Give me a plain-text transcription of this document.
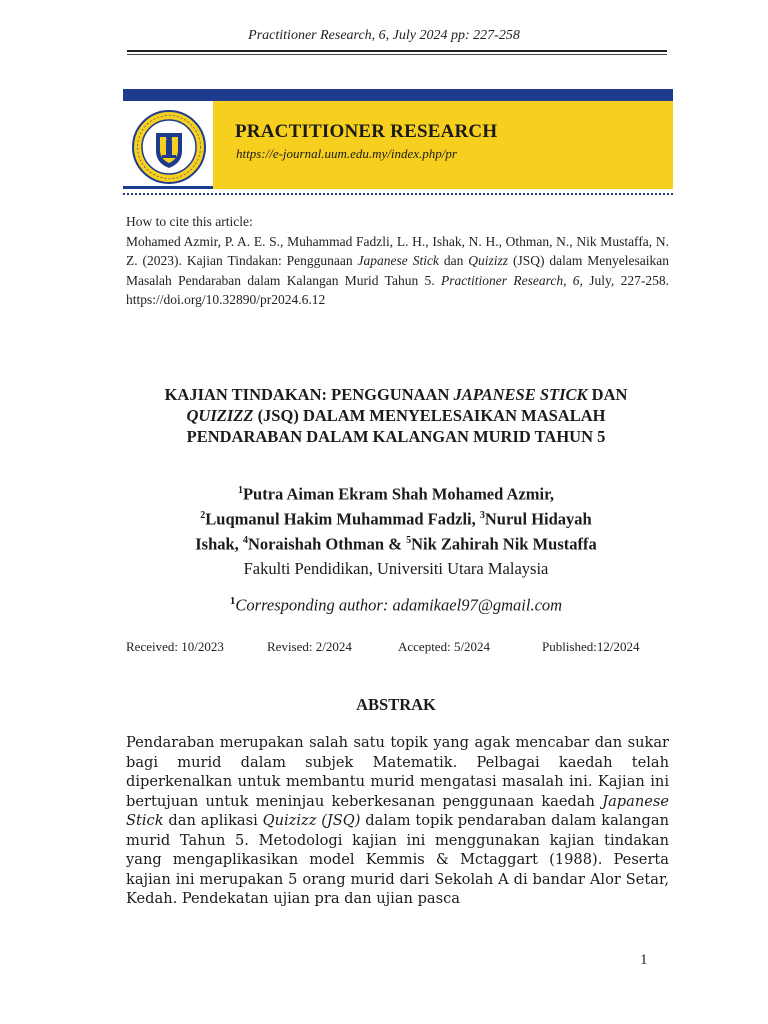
Practitioner Research, 6, July 2024 pp: 227-258
PRACTITIONER RESEARCH
https://e-journal.uum.edu.my/index.php/pr
How to cite this article:
Mohamed Azmir, P. A. E. S., Muhammad Fadzli, L. H., Ishak, N. H., Othman, N., Nik Mustaffa, N. Z. (2023). Kajian Tindakan: Penggunaan Japanese Stick dan Quizizz (JSQ) dalam Menyelesaikan Masalah Pendaraban dalam Kalangan Murid Tahun 5. Practitioner Research, 6, July, 227-258. https://doi.org/10.32890/pr2024.6.12
KAJIAN TINDAKAN: PENGGUNAAN JAPANESE STICK DAN QUIZIZZ (JSQ) DALAM MENYELESAIKAN MASALAH PENDARABAN DALAM KALANGAN MURID TAHUN 5
$^1$Putra Aiman Ekram Shah Mohamed Azmir,
$^2$Luqmanul Hakim Muhammad Fadzli, $^3$Nurul Hidayah Ishak, $^4$Noraishah Othman & $^5$Nik Zahirah Nik Mustaffa
Fakulti Pendidikan, Universiti Utara Malaysia
$^1$Corresponding author: adamikael97@gmail.com
Received: 10/2023	Revised: 2/2024	Accepted: 5/2024	Published:12/2024
ABSTRAK
Pendaraban merupakan salah satu topik yang agak mencabar dan sukar bagi murid dalam subjek Matematik. Pelbagai kaedah telah diperkenalkan untuk membantu murid mengatasi masalah ini. Kajian ini bertujuan untuk meninjau keberkesanan penggunaan kaedah Japanese Stick dan aplikasi Quizizz (JSQ) dalam topik pendaraban dalam kalangan murid Tahun 5. Metodologi kajian ini menggunakan kajian tindakan yang mengaplikasikan model Kemmis & Mctaggart (1988). Peserta kajian ini merupakan 5 orang murid dari Sekolah A di bandar Alor Setar, Kedah. Pendekatan ujian pra dan ujian pasca
1
